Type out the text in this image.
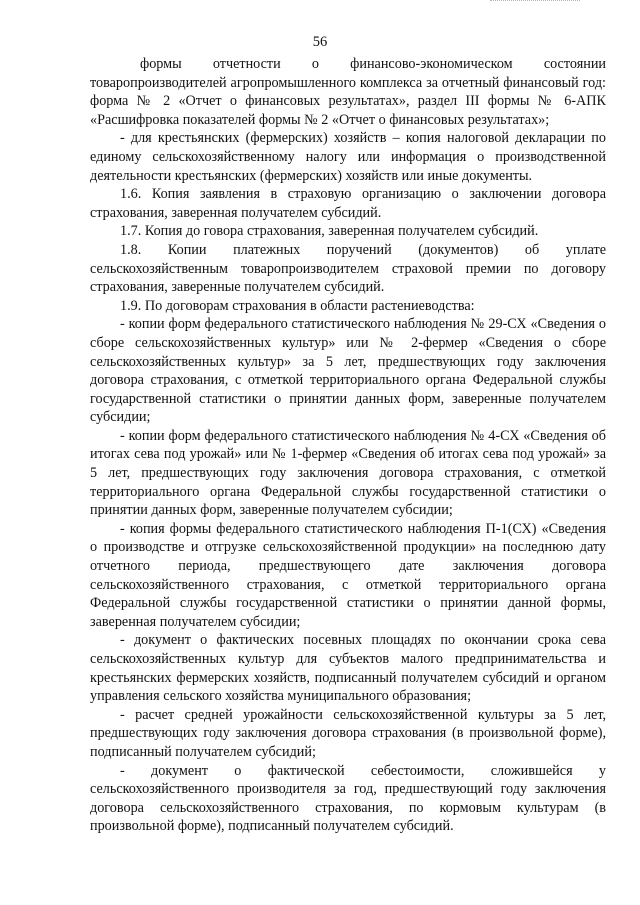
56

формы отчетности о финансово-экономическом состоянии товаропроизводителей агропромышленного комплекса за отчетный финансовый год: форма № 2 «Отчет о финансовых результатах», раздел III формы № 6-АПК «Расшифровка показателей формы № 2 «Отчет о финансовых результатах»;

- для крестьянских (фермерских) хозяйств – копия налоговой декларации по единому сельскохозяйственному налогу или информация о производственной деятельности крестьянских (фермерских) хозяйств или иные документы.

1.6. Копия заявления в страховую организацию о заключении договора страхования, заверенная получателем субсидий.

1.7. Копия до говора страхования, заверенная получателем субсидий.

1.8. Копии платежных поручений (документов) об уплате сельскохозяйственным товаропроизводителем страховой премии по договору страхования, заверенные получателем субсидий.

1.9. По договорам страхования в области растениеводства:

- копии форм федерального статистического наблюдения № 29-СХ «Сведения о сборе сельскохозяйственных культур» или № 2-фермер «Сведения о сборе сельскохозяйственных культур» за 5 лет, предшествующих году заключения договора страхования, с отметкой территориального органа Федеральной службы государственной статистики о принятии данных форм, заверенные получателем субсидии;

- копии форм федерального статистического наблюдения № 4-СХ «Сведения об итогах сева под урожай» или № 1-фермер «Сведения об итогах сева под урожай» за 5 лет, предшествующих году заключения договора страхования, с отметкой территориального органа Федеральной службы государственной статистики о принятии данных форм, заверенные получателем субсидии;

- копия формы федерального статистического наблюдения П-1(СХ) «Сведения о производстве и отгрузке сельскохозяйственной продукции» на последнюю дату отчетного периода, предшествующего дате заключения договора сельскохозяйственного страхования, с отметкой территориального органа Федеральной службы государственной статистики о принятии данной формы, заверенная получателем субсидии;

- документ о фактических посевных площадях по окончании срока сева сельскохозяйственных культур для субъектов малого предпринимательства и крестьянских фермерских хозяйств, подписанный получателем субсидий и органом управления сельского хозяйства муниципального образования;

- расчет средней урожайности сельскохозяйственной культуры за 5 лет, предшествующих году заключения договора страхования (в произвольной форме), подписанный получателем субсидий;

- документ о фактической себестоимости, сложившейся у сельскохозяйственного производителя за год, предшествующий году заключения договора сельскохозяйственного страхования, по кормовым культурам (в произвольной форме), подписанный получателем субсидий.
